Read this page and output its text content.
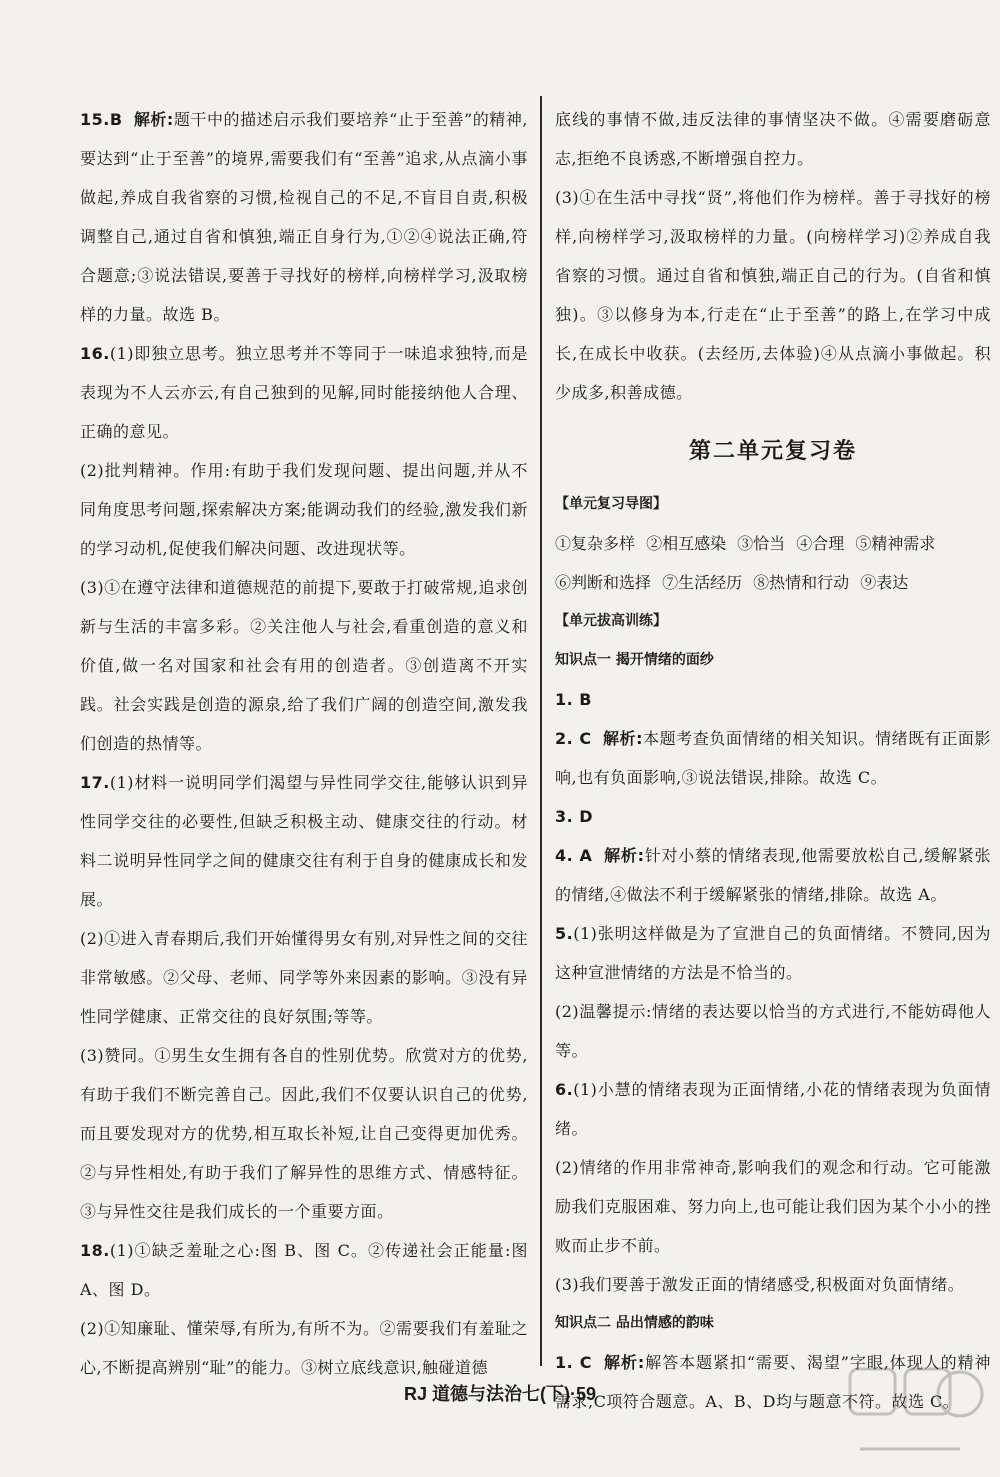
15.B 解析:题干中的描述启示我们要培养“止于至善”的精神,要达到“止于至善”的境界,需要我们有“至善”追求,从点滴小事做起,养成自我省察的习惯,检视自己的不足,不盲目自责,积极调整自己,通过自省和慎独,端正自身行为,①②④说法正确,符合题意;③说法错误,要善于寻找好的榜样,向榜样学习,汲取榜样的力量。故选 B。

16.(1)即独立思考。独立思考并不等同于一味追求独特,而是表现为不人云亦云,有自己独到的见解,同时能接纳他人合理、正确的意见。

(2)批判精神。作用:有助于我们发现问题、提出问题,并从不同角度思考问题,探索解决方案;能调动我们的经验,激发我们新的学习动机,促使我们解决问题、改进现状等。

(3)①在遵守法律和道德规范的前提下,要敢于打破常规,追求创新与生活的丰富多彩。②关注他人与社会,看重创造的意义和价值,做一名对国家和社会有用的创造者。③创造离不开实践。社会实践是创造的源泉,给了我们广阔的创造空间,激发我们创造的热情等。

17.(1)材料一说明同学们渴望与异性同学交往,能够认识到异性同学交往的必要性,但缺乏积极主动、健康交往的行动。材料二说明异性同学之间的健康交往有利于自身的健康成长和发展。

(2)①进入青春期后,我们开始懂得男女有别,对异性之间的交往非常敏感。②父母、老师、同学等外来因素的影响。③没有异性同学健康、正常交往的良好氛围;等等。

(3)赞同。①男生女生拥有各自的性别优势。欣赏对方的优势,有助于我们不断完善自己。因此,我们不仅要认识自己的优势,而且要发现对方的优势,相互取长补短,让自己变得更加优秀。②与异性相处,有助于我们了解异性的思维方式、情感特征。③与异性交往是我们成长的一个重要方面。

18.(1)①缺乏羞耻之心:图 B、图 C。②传递社会正能量:图 A、图 D。

(2)①知廉耻、懂荣辱,有所为,有所不为。②需要我们有羞耻之心,不断提高辨别“耻”的能力。③树立底线意识,触碰道德

底线的事情不做,违反法律的事情坚决不做。④需要磨砺意志,拒绝不良诱惑,不断增强自控力。

(3)①在生活中寻找“贤”,将他们作为榜样。善于寻找好的榜样,向榜样学习,汲取榜样的力量。(向榜样学习)②养成自我省察的习惯。通过自省和慎独,端正自己的行为。(自省和慎独)。③以修身为本,行走在“止于至善”的路上,在学习中成长,在成长中收获。(去经历,去体验)④从点滴小事做起。积少成多,积善成德。

第二单元复习卷

【单元复习导图】

①复杂多样 ②相互感染 ③恰当 ④合理 ⑤精神需求

⑥判断和选择 ⑦生活经历 ⑧热情和行动 ⑨表达

【单元拔高训练】

知识点一 揭开情绪的面纱

1. B

2. C 解析:本题考查负面情绪的相关知识。情绪既有正面影响,也有负面影响,③说法错误,排除。故选 C。

3. D

4. A 解析:针对小蔡的情绪表现,他需要放松自己,缓解紧张的情绪,④做法不利于缓解紧张的情绪,排除。故选 A。

5.(1)张明这样做是为了宣泄自己的负面情绪。不赞同,因为这种宣泄情绪的方法是不恰当的。

(2)温馨提示:情绪的表达要以恰当的方式进行,不能妨碍他人等。

6.(1)小慧的情绪表现为正面情绪,小花的情绪表现为负面情绪。

(2)情绪的作用非常神奇,影响我们的观念和行动。它可能激励我们克服困难、努力向上,也可能让我们因为某个小小的挫败而止步不前。

(3)我们要善于激发正面的情绪感受,积极面对负面情绪。

知识点二 品出情感的韵味

1. C 解析:解答本题紧扣“需要、渴望”字眼,体现人的精神需求,C项符合题意。A、B、D均与题意不符。故选 C。

RJ 道德与法治七(下)·59
